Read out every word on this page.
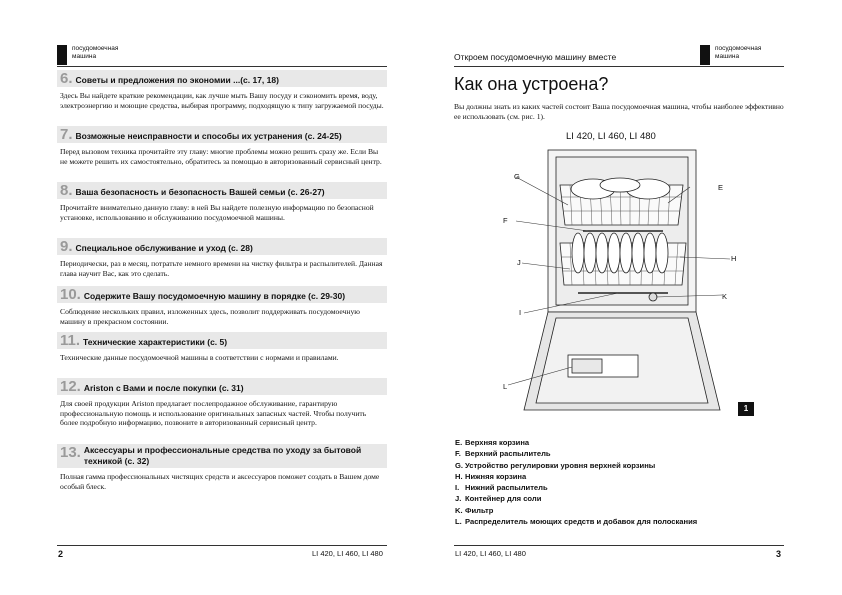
посудомоечная машина
6. Советы и предложения по экономии ...(с. 17, 18)
Здесь Вы найдете краткие рекомендации, как лучше мыть Вашу посуду и сэкономить время, воду, электроэнергию и моющие средства, выбирая программу, подходящую к типу загружаемой посуды.
7. Возможные неисправности и способы их устранения (с. 24-25)
Перед вызовом техника прочитайте эту главу: многие проблемы можно решить сразу же. Если Вы не можете решить их самостоятельно, обратитесь за помощью в авторизованный сервисный центр.
8. Ваша безопасность и безопасность Вашей семьи (с. 26-27)
Прочитайте внимательно данную главу: в ней Вы найдете полезную информацию по безопасной установке, использованию и обслуживанию посудомоечной машины.
9. Специальное обслуживание и уход (с. 28)
Периодически, раз в месяц, потратьте немного времени на чистку фильтра и распылителей. Данная глава научит Вас, как это сделать.
10. Содержите Вашу посудомоечную машину в порядке (с. 29-30)
Соблюдение нескольких правил, изложенных здесь, позволит поддерживать посудомоечную машину в прекрасном состоянии.
11. Технические характеристики (с. 5)
Технические данные посудомоечной машины в соответствии с нормами и правилами.
12. Ariston с Вами и после покупки (с. 31)
Для своей продукции Ariston предлагает послепродажное обслуживание, гарантирую профессиональную помощь и использование оригинальных запасных частей. Чтобы получить более подробную информацию, позвоните в авторизованный сервисный центр.
13. Аксессуары и профессиональные средства по уходу за бытовой техникой (с. 32)
Полная гамма профессиональных чистящих средств и аксессуаров поможет создать в Вашем доме особый блеск.
2	LI 420, LI 460, LI 480
Откроем посудомоечную машину вместе
посудомоечная машина
Как она устроена?
Вы должны знать из каких частей состоит Ваша посудомоечная машина, чтобы наиболее эффективно ее использовать (см. рис. 1).
LI 420, LI 460, LI 480
G
E
F
J	H
K
I
L
1
E. Верхняя корзина
F. Верхний распылитель
G. Устройство регулировки уровня верхней корзины
H. Нижняя корзина
I. Нижний распылитель
J. Контейнер для соли
K. Фильтр
L. Распределитель моющих средств и добавок для полоскания
LI 420, LI 460, LI 480	3
